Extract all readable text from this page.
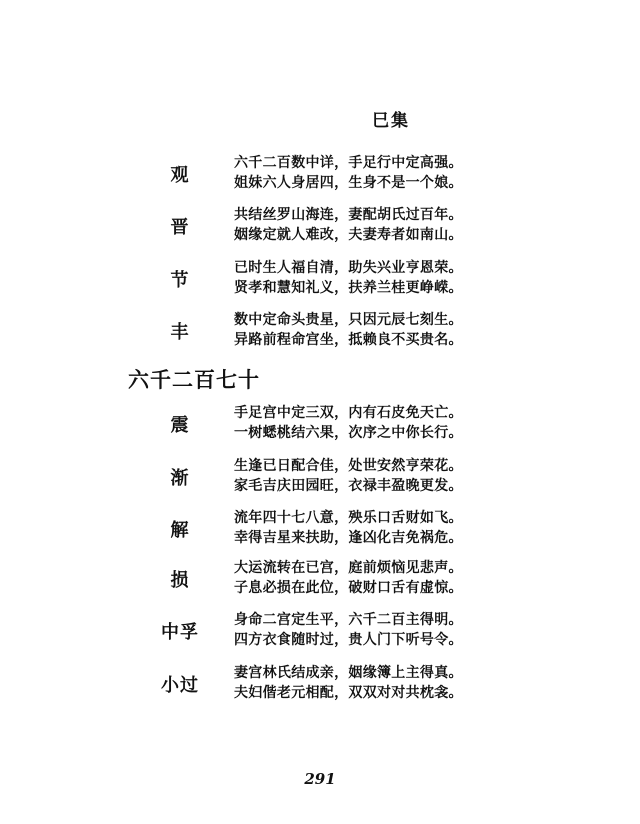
巳集
观
六千二百数中详，手足行中定高强。
姐妹六人身居四，生身不是一个娘。
晋
共结丝罗山海连，妻配胡氏过百年。
姻缘定就人难改，夫妻寿者如南山。
节
已时生人福自清，助失兴业亨恩荣。
贤孝和慧知礼义，扶养兰桂更峥嵘。
丰
数中定命头贵星，只因元辰七刻生。
异路前程命宫坐，抵赖良不买贵名。
六千二百七十
震
手足宫中定三双，内有石皮免天亡。
一树蟋桃结六果，次序之中你长行。
渐
生逢已日配合佳，处世安然亨荣花。
家毛吉庆田园旺，衣禄丰盈晚更发。
解
流年四十七八意，殃乐口舌财如飞。
幸得吉星来扶助，逢凶化吉免祸危。
损
大运流转在已宫，庭前烦恼见悲声。
子息必损在此位，破财口舌有虚惊。
中孚
身命二宫定生平，六千二百主得明。
四方衣食随时过，贵人门下听号令。
小过
妻宫林氏结成亲，姻缘簿上主得真。
夫妇偕老元相配，双双对对共枕衾。
291
